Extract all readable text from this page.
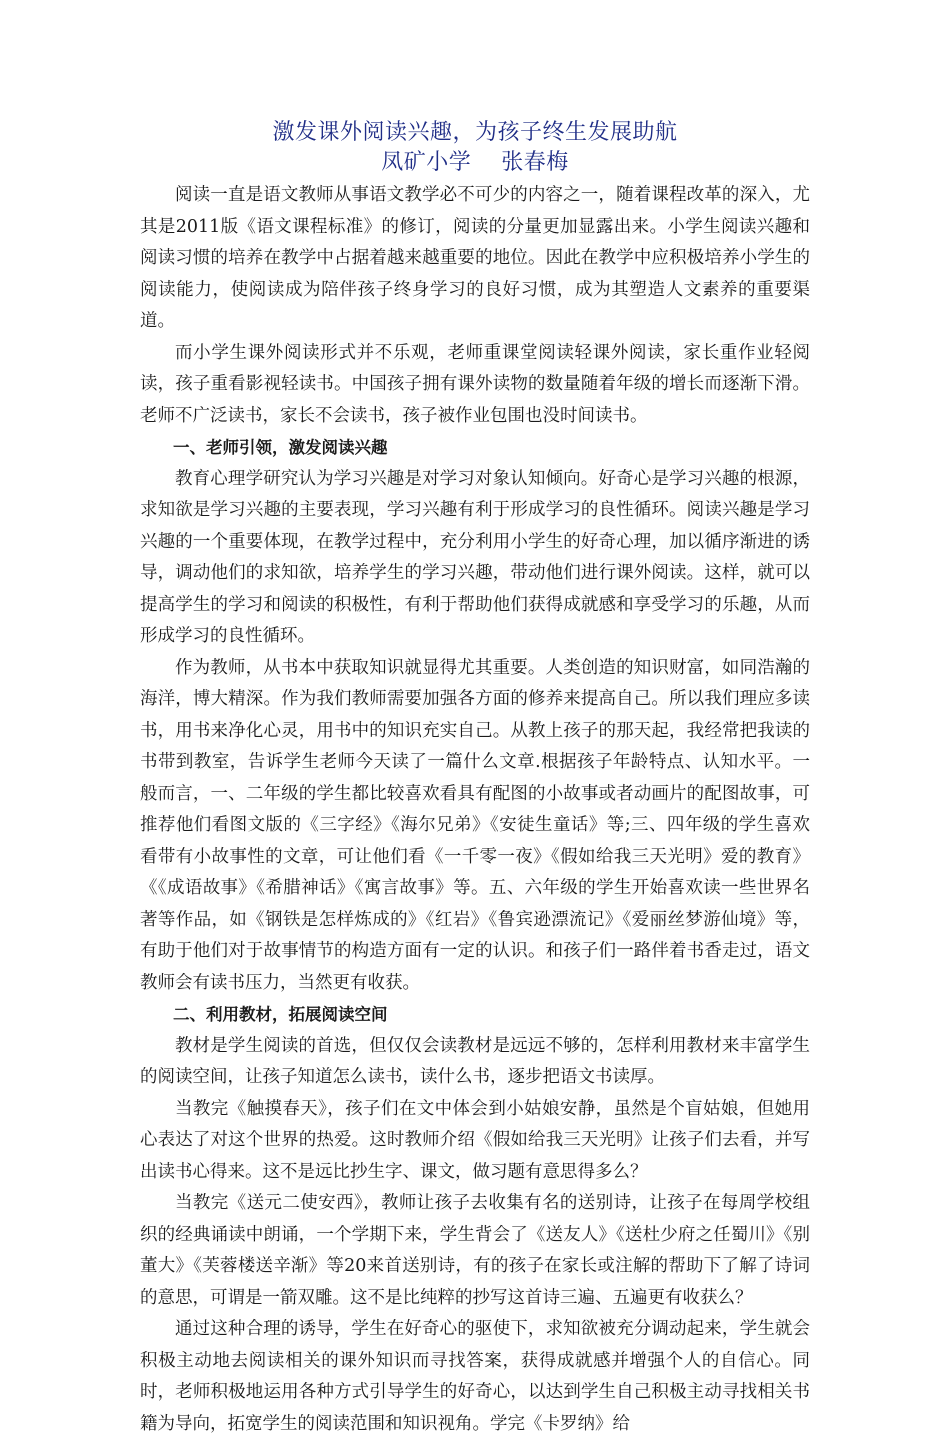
激发课外阅读兴趣，为孩子终生发展助航
凤矿小学    张春梅

阅读一直是语文教师从事语文教学必不可少的内容之一，随着课程改革的深入，尤其是2011版《语文课程标准》的修订，阅读的分量更加显露出来。小学生阅读兴趣和阅读习惯的培养在教学中占据着越来越重要的地位。因此在教学中应积极培养小学生的阅读能力，使阅读成为陪伴孩子终身学习的良好习惯，成为其塑造人文素养的重要渠道。

而小学生课外阅读形式并不乐观，老师重课堂阅读轻课外阅读，家长重作业轻阅读，孩子重看影视轻读书。中国孩子拥有课外读物的数量随着年级的增长而逐渐下滑。老师不广泛读书，家长不会读书，孩子被作业包围也没时间读书。

一、老师引领，激发阅读兴趣

教育心理学研究认为学习兴趣是对学习对象认知倾向。好奇心是学习兴趣的根源，求知欲是学习兴趣的主要表现，学习兴趣有利于形成学习的良性循环。阅读兴趣是学习兴趣的一个重要体现，在教学过程中，充分利用小学生的好奇心理，加以循序渐进的诱导，调动他们的求知欲，培养学生的学习兴趣，带动他们进行课外阅读。这样，就可以提高学生的学习和阅读的积极性，有利于帮助他们获得成就感和享受学习的乐趣，从而形成学习的良性循环。

作为教师，从书本中获取知识就显得尤其重要。人类创造的知识财富，如同浩瀚的海洋，博大精深。作为我们教师需要加强各方面的修养来提高自己。所以我们理应多读书，用书来净化心灵，用书中的知识充实自己。从教上孩子的那天起，我经常把我读的书带到教室，告诉学生老师今天读了一篇什么文章.根据孩子年龄特点、认知水平。一般而言，一、二年级的学生都比较喜欢看具有配图的小故事或者动画片的配图故事，可推荐他们看图文版的《三字经》《海尔兄弟》《安徒生童话》等;三、四年级的学生喜欢看带有小故事性的文章，可让他们看《一千零一夜》《假如给我三天光明》爱的教育》《《成语故事》《希腊神话》《寓言故事》等。五、六年级的学生开始喜欢读一些世界名著等作品，如《钢铁是怎样炼成的》《红岩》《鲁宾逊漂流记》《爱丽丝梦游仙境》等，有助于他们对于故事情节的构造方面有一定的认识。和孩子们一路伴着书香走过，语文教师会有读书压力，当然更有收获。

二、利用教材，拓展阅读空间

教材是学生阅读的首选，但仅仅会读教材是远远不够的，怎样利用教材来丰富学生的阅读空间，让孩子知道怎么读书，读什么书，逐步把语文书读厚。

当教完《触摸春天》，孩子们在文中体会到小姑娘安静，虽然是个盲姑娘，但她用心表达了对这个世界的热爱。这时教师介绍《假如给我三天光明》让孩子们去看，并写出读书心得来。这不是远比抄生字、课文，做习题有意思得多么？

当教完《送元二使安西》，教师让孩子去收集有名的送别诗，让孩子在每周学校组织的经典诵读中朗诵，一个学期下来，学生背会了《送友人》《送杜少府之任蜀川》《别董大》《芙蓉楼送辛渐》等20来首送别诗，有的孩子在家长或注解的帮助下了解了诗词的意思，可谓是一箭双雕。这不是比纯粹的抄写这首诗三遍、五遍更有收获么？

通过这种合理的诱导，学生在好奇心的驱使下，求知欲被充分调动起来，学生就会积极主动地去阅读相关的课外知识而寻找答案，获得成就感并增强个人的自信心。同时，老师积极地运用各种方式引导学生的好奇心，以达到学生自己积极主动寻找相关书籍为导向，拓宽学生的阅读范围和知识视角。学完《卡罗纳》给
